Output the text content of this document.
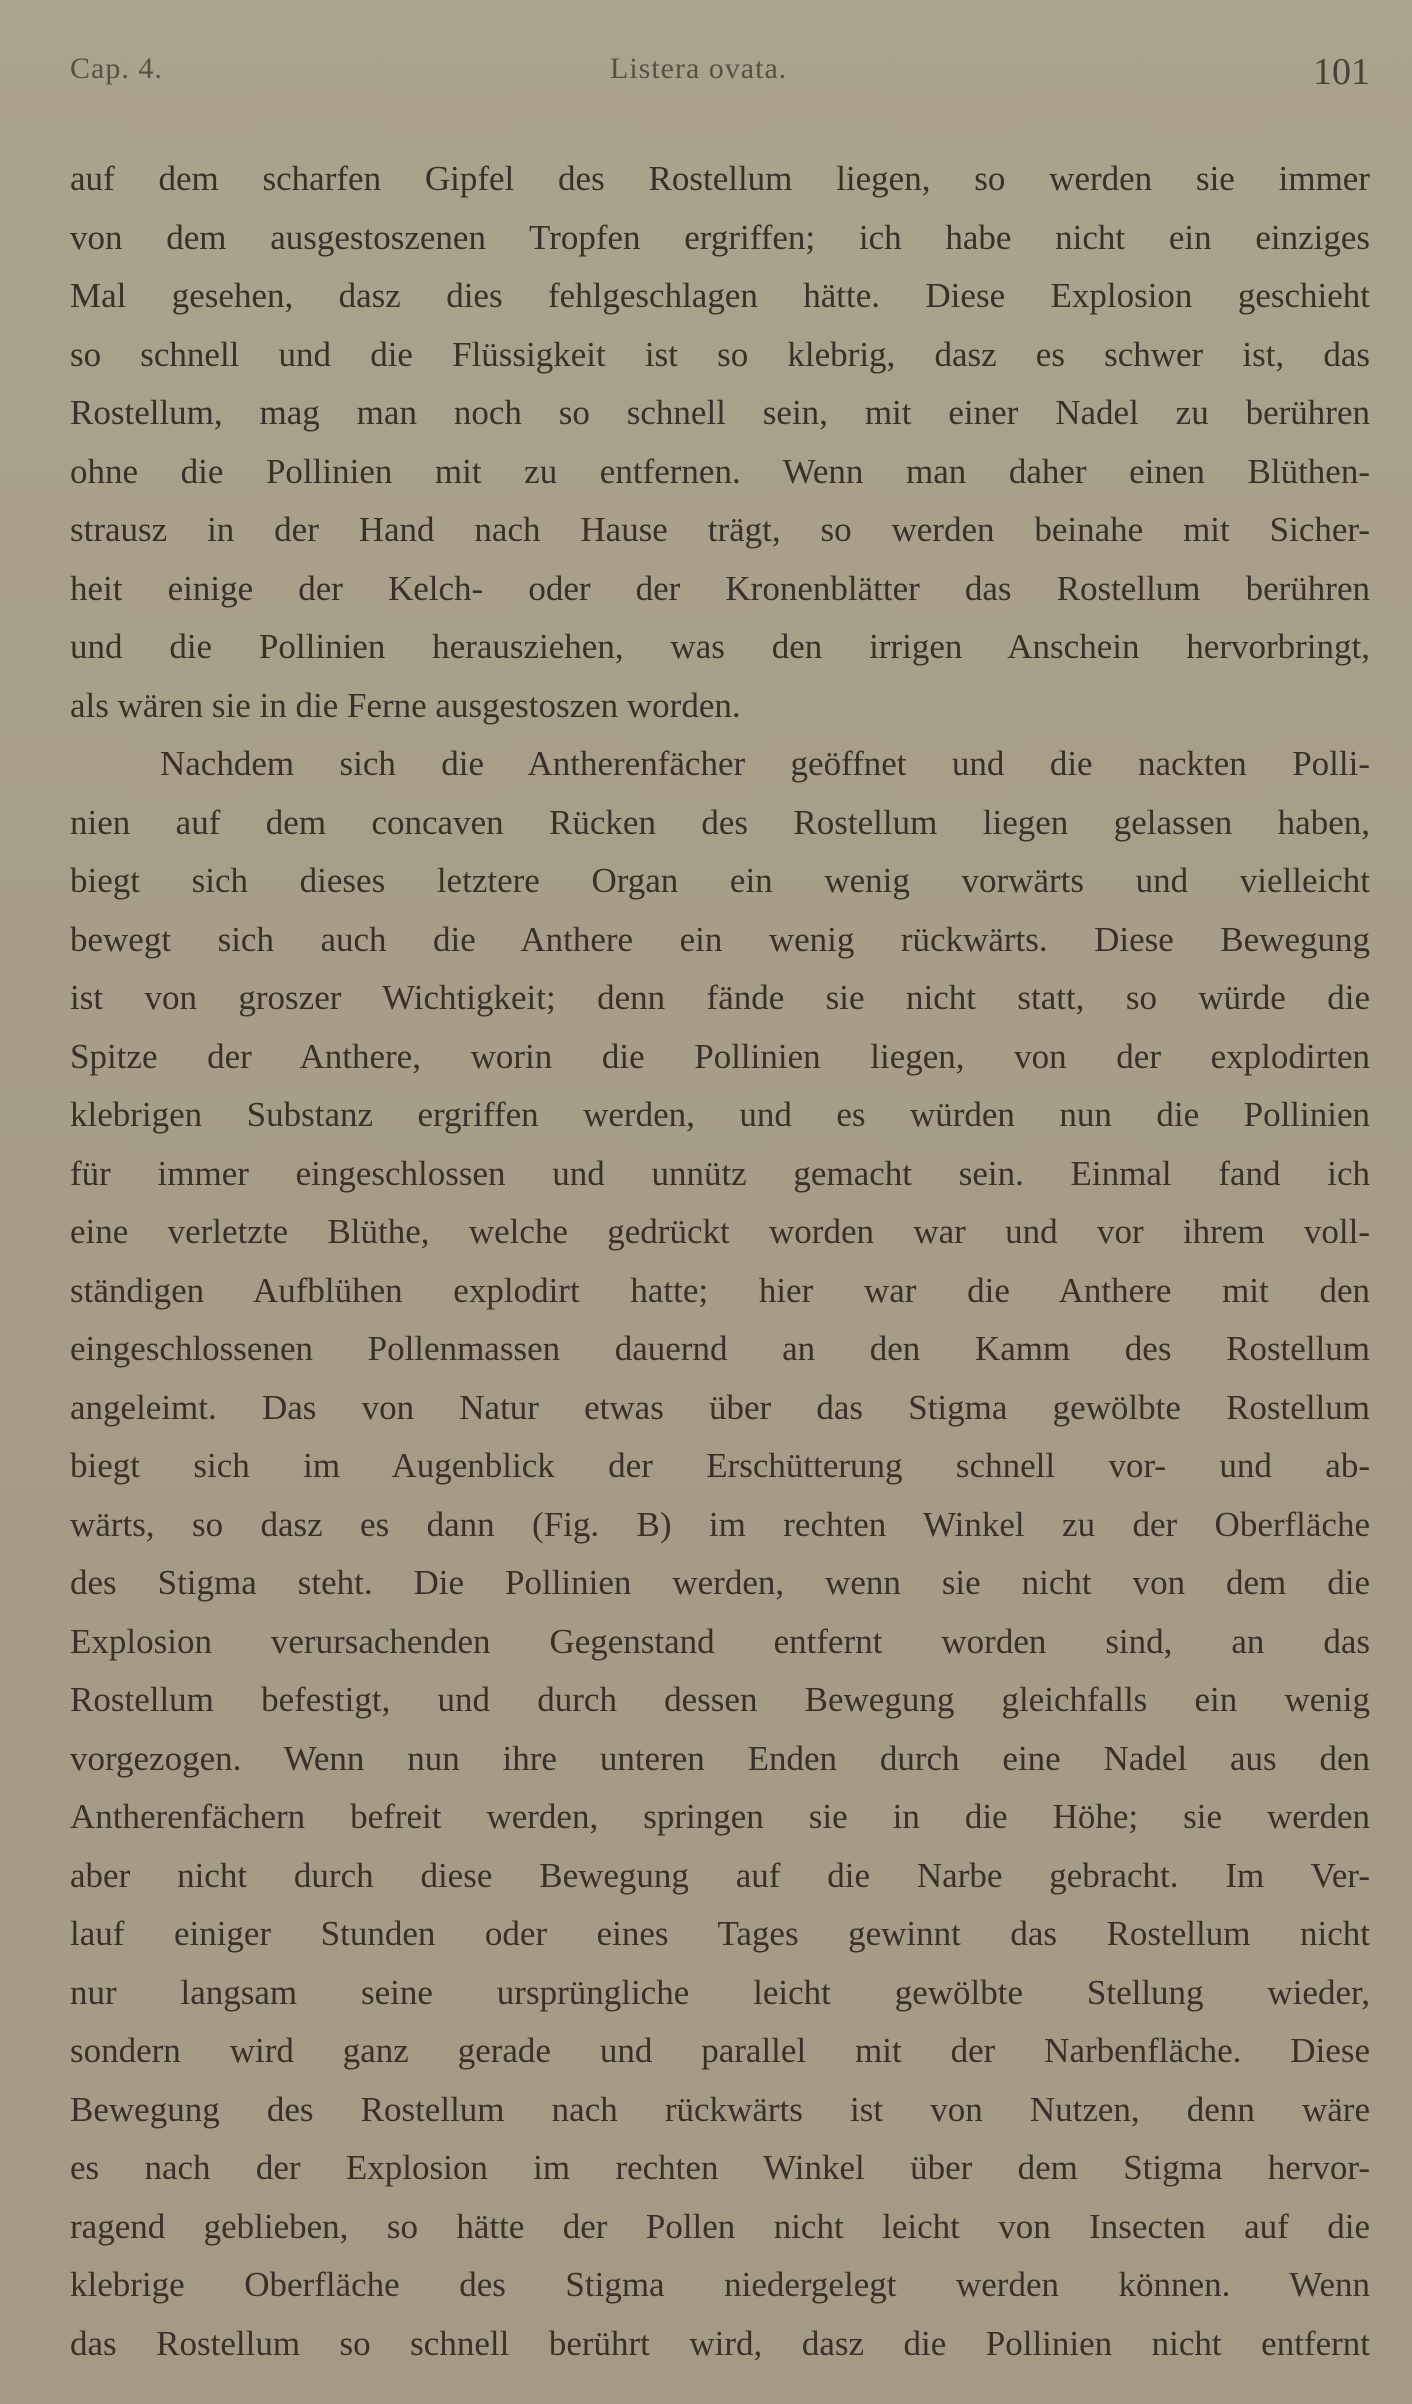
Cap. 4.	Listera ovata.	101
auf dem scharfen Gipfel des Rostellum liegen, so werden sie immer
von dem ausgestoszenen Tropfen ergriffen; ich habe nicht ein einziges
Mal gesehen, dasz dies fehlgeschlagen hätte. Diese Explosion geschieht
so schnell und die Flüssigkeit ist so klebrig, dasz es schwer ist, das
Rostellum, mag man noch so schnell sein, mit einer Nadel zu berühren
ohne die Pollinien mit zu entfernen. Wenn man daher einen Blüthen-
strausz in der Hand nach Hause trägt, so werden beinahe mit Sicher-
heit einige der Kelch- oder der Kronenblätter das Rostellum berühren
und die Pollinien herausziehen, was den irrigen Anschein hervorbringt,
als wären sie in die Ferne ausgestoszen worden.
Nachdem sich die Antherenfächer geöffnet und die nackten Polli-
nien auf dem concaven Rücken des Rostellum liegen gelassen haben,
biegt sich dieses letztere Organ ein wenig vorwärts und vielleicht
bewegt sich auch die Anthere ein wenig rückwärts. Diese Bewegung
ist von groszer Wichtigkeit; denn fände sie nicht statt, so würde die
Spitze der Anthere, worin die Pollinien liegen, von der explodirten
klebrigen Substanz ergriffen werden, und es würden nun die Pollinien
für immer eingeschlossen und unnütz gemacht sein. Einmal fand ich
eine verletzte Blüthe, welche gedrückt worden war und vor ihrem voll-
ständigen Aufblühen explodirt hatte; hier war die Anthere mit den
eingeschlossenen Pollenmassen dauernd an den Kamm des Rostellum
angeleimt. Das von Natur etwas über das Stigma gewölbte Rostellum
biegt sich im Augenblick der Erschütterung schnell vor- und ab-
wärts, so dasz es dann (Fig. B) im rechten Winkel zu der Oberfläche
des Stigma steht. Die Pollinien werden, wenn sie nicht von dem die
Explosion verursachenden Gegenstand entfernt worden sind, an das
Rostellum befestigt, und durch dessen Bewegung gleichfalls ein wenig
vorgezogen. Wenn nun ihre unteren Enden durch eine Nadel aus den
Antherenfächern befreit werden, springen sie in die Höhe; sie werden
aber nicht durch diese Bewegung auf die Narbe gebracht. Im Ver-
lauf einiger Stunden oder eines Tages gewinnt das Rostellum nicht
nur langsam seine ursprüngliche leicht gewölbte Stellung wieder,
sondern wird ganz gerade und parallel mit der Narbenfläche. Diese
Bewegung des Rostellum nach rückwärts ist von Nutzen, denn wäre
es nach der Explosion im rechten Winkel über dem Stigma hervor-
ragend geblieben, so hätte der Pollen nicht leicht von Insecten auf die
klebrige Oberfläche des Stigma niedergelegt werden können. Wenn
das Rostellum so schnell berührt wird, dasz die Pollinien nicht entfernt
